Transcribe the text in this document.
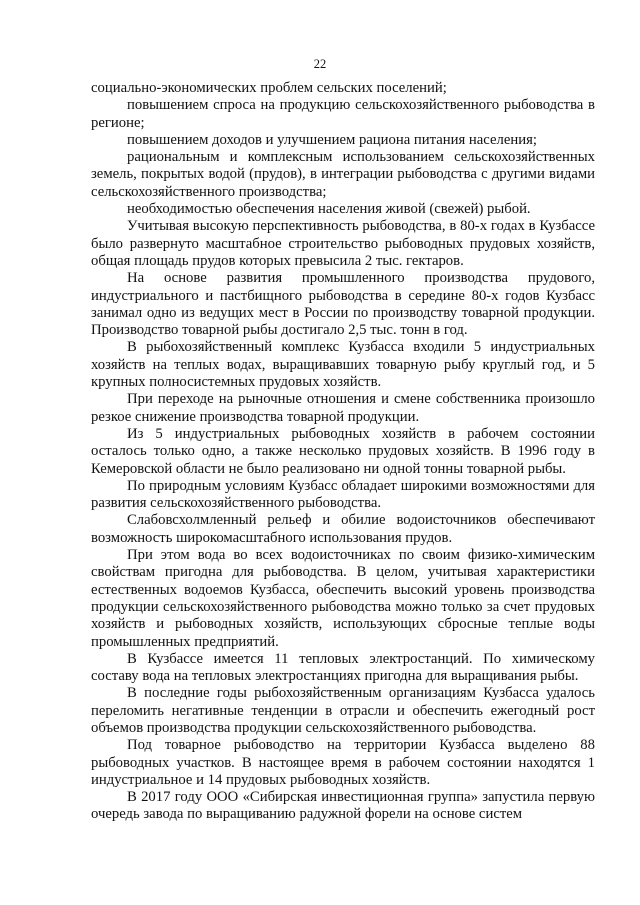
22

социально-экономических проблем сельских поселений;

повышением спроса на продукцию сельскохозяйственного рыбоводства в регионе;

повышением доходов и улучшением рациона питания населения;

рациональным и комплексным использованием сельскохозяйственных земель, покрытых водой (прудов), в интеграции рыбоводства с другими видами сельскохозяйственного производства;

необходимостью обеспечения населения живой (свежей) рыбой.

Учитывая высокую перспективность рыбоводства, в 80-х годах в Кузбассе было развернуто масштабное строительство рыбоводных прудовых хозяйств, общая площадь прудов которых превысила 2 тыс. гектаров.

На основе развития промышленного производства прудового, индустриального и пастбищного рыбоводства в середине 80-х годов Кузбасс занимал одно из ведущих мест в России по производству товарной продукции. Производство товарной рыбы достигало 2,5 тыс. тонн в год.

В рыбохозяйственный комплекс Кузбасса входили 5 индустриальных хозяйств на теплых водах, выращивавших товарную рыбу круглый год, и 5 крупных полносистемных прудовых хозяйств.

При переходе на рыночные отношения и смене собственника произошло резкое снижение производства товарной продукции.

Из 5 индустриальных рыбоводных хозяйств в рабочем состоянии осталось только одно, а также несколько прудовых хозяйств. В 1996 году в Кемеровской области не было реализовано ни одной тонны товарной рыбы.

По природным условиям Кузбасс обладает широкими возможностями для развития сельскохозяйственного рыбоводства.

Слабовсхолмленный рельеф и обилие водоисточников обеспечивают возможность широкомасштабного использования прудов.

При этом вода во всех водоисточниках по своим физико-химическим свойствам пригодна для рыбоводства. В целом, учитывая характеристики естественных водоемов Кузбасса, обеспечить высокий уровень производства продукции сельскохозяйственного рыбоводства можно только за счет прудовых хозяйств и рыбоводных хозяйств, использующих сбросные теплые воды промышленных предприятий.

В Кузбассе имеется 11 тепловых электростанций. По химическому составу вода на тепловых электростанциях пригодна для выращивания рыбы.

В последние годы рыбохозяйственным организациям Кузбасса удалось переломить негативные тенденции в отрасли и обеспечить ежегодный рост объемов производства продукции сельскохозяйственного рыбоводства.

Под товарное рыбоводство на территории Кузбасса выделено 88 рыбоводных участков. В настоящее время в рабочем состоянии находятся 1 индустриальное и 14 прудовых рыбоводных хозяйств.

В 2017 году ООО «Сибирская инвестиционная группа» запустила первую очередь завода по выращиванию радужной форели на основе систем
